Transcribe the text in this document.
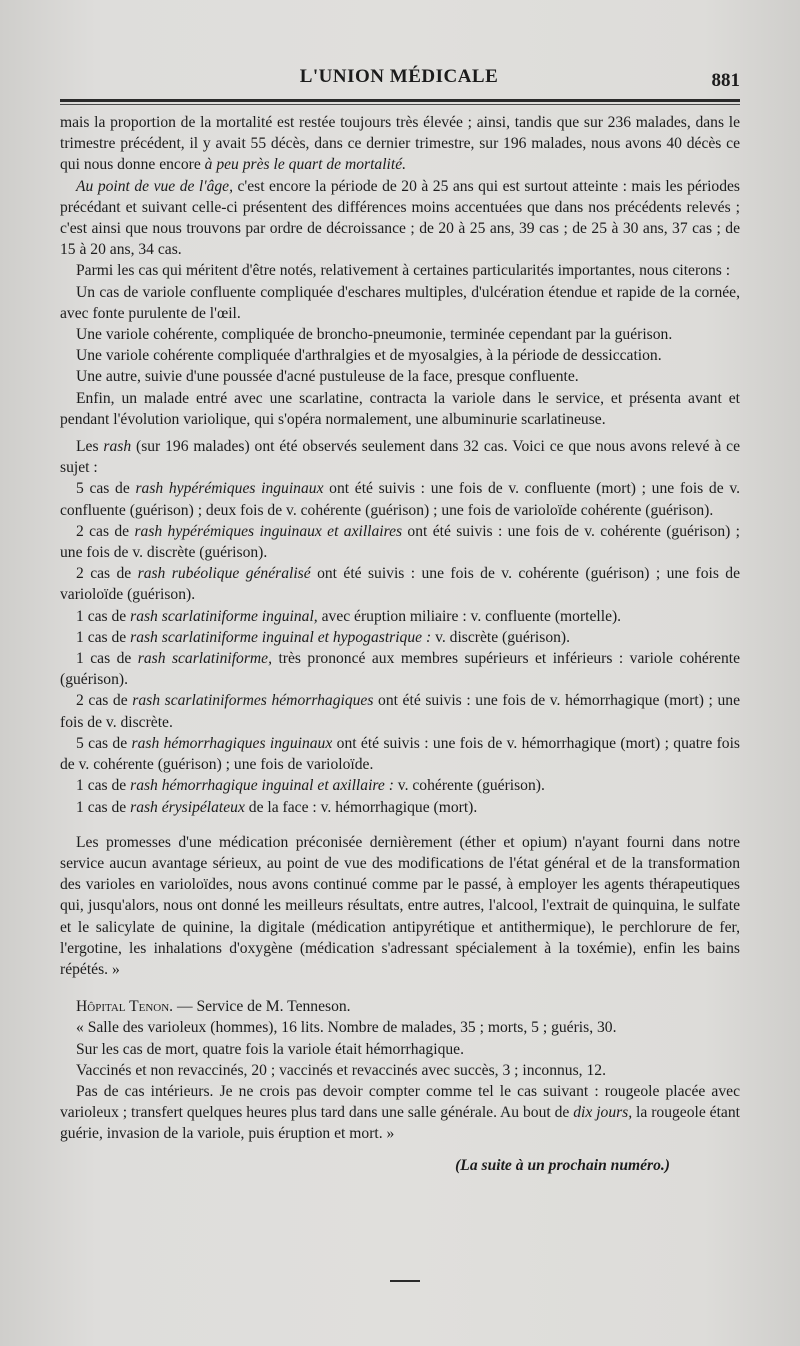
L'UNION MÉDICALE	881

mais la proportion de la mortalité est restée toujours très élevée ; ainsi, tandis que sur 236 malades, dans le trimestre précédent, il y avait 55 décès, dans ce dernier trimestre, sur 196 malades, nous avons 40 décès ce qui nous donne encore à peu près le quart de mortalité.

Au point de vue de l'âge, c'est encore la période de 20 à 25 ans qui est surtout atteinte : mais les périodes précédant et suivant celle-ci présentent des différences moins accentuées que dans nos précédents relevés ; c'est ainsi que nous trouvons par ordre de décroissance ; de 20 à 25 ans, 39 cas ; de 25 à 30 ans, 37 cas ; de 15 à 20 ans, 34 cas.

Parmi les cas qui méritent d'être notés, relativement à certaines particularités importantes, nous citerons :

Un cas de variole confluente compliquée d'eschares multiples, d'ulcération étendue et rapide de la cornée, avec fonte purulente de l'œil.

Une variole cohérente, compliquée de broncho-pneumonie, terminée cependant par la guérison.

Une variole cohérente compliquée d'arthralgies et de myosalgies, à la période de dessiccation.

Une autre, suivie d'une poussée d'acné pustuleuse de la face, presque confluente.

Enfin, un malade entré avec une scarlatine, contracta la variole dans le service, et présenta avant et pendant l'évolution variolique, qui s'opéra normalement, une albuminurie scarlatineuse.

Les rash (sur 196 malades) ont été observés seulement dans 32 cas. Voici ce que nous avons relevé à ce sujet :

5 cas de rash hypérémiques inguinaux ont été suivis : une fois de v. confluente (mort) ; une fois de v. confluente (guérison) ; deux fois de v. cohérente (guérison) ; une fois de varioloïde cohérente (guérison).

2 cas de rash hypérémiques inguinaux et axillaires ont été suivis : une fois de v. cohérente (guérison) ; une fois de v. discrète (guérison).

2 cas de rash rubéolique généralisé ont été suivis : une fois de v. cohérente (guérison) ; une fois de varioloïde (guérison).

1 cas de rash scarlatiniforme inguinal, avec éruption miliaire : v. confluente (mortelle).

1 cas de rash scarlatiniforme inguinal et hypogastrique : v. discrète (guérison).

1 cas de rash scarlatiniforme, très prononcé aux membres supérieurs et inférieurs : variole cohérente (guérison).

2 cas de rash scarlatiniformes hémorrhagiques ont été suivis : une fois de v. hémorrhagique (mort) ; une fois de v. discrète.

5 cas de rash hémorrhagiques inguinaux ont été suivis : une fois de v. hémorrhagique (mort) ; quatre fois de v. cohérente (guérison) ; une fois de varioloïde.

1 cas de rash hémorrhagique inguinal et axillaire : v. cohérente (guérison).

1 cas de rash érysipélateux de la face : v. hémorrhagique (mort).

Les promesses d'une médication préconisée dernièrement (éther et opium) n'ayant fourni dans notre service aucun avantage sérieux, au point de vue des modifications de l'état général et de la transformation des varioles en varioloïdes, nous avons continué comme par le passé, à employer les agents thérapeutiques qui, jusqu'alors, nous ont donné les meilleurs résultats, entre autres, l'alcool, l'extrait de quinquina, le sulfate et le salicylate de quinine, la digitale (médication antipyrétique et antithermique), le perchlorure de fer, l'ergotine, les inhalations d'oxygène (médication s'adressant spécialement à la toxémie), enfin les bains répétés. »

Hôpital Tenon. — Service de M. Tenneson.

« Salle des varioleux (hommes), 16 lits. Nombre de malades, 35 ; morts, 5 ; guéris, 30.

Sur les cas de mort, quatre fois la variole était hémorrhagique.

Vaccinés et non revaccinés, 20 ; vaccinés et revaccinés avec succès, 3 ; inconnus, 12.

Pas de cas intérieurs. Je ne crois pas devoir compter comme tel le cas suivant : rougeole placée avec varioleux ; transfert quelques heures plus tard dans une salle générale. Au bout de dix jours, la rougeole étant guérie, invasion de la variole, puis éruption et mort. »

(La suite à un prochain numéro.)
